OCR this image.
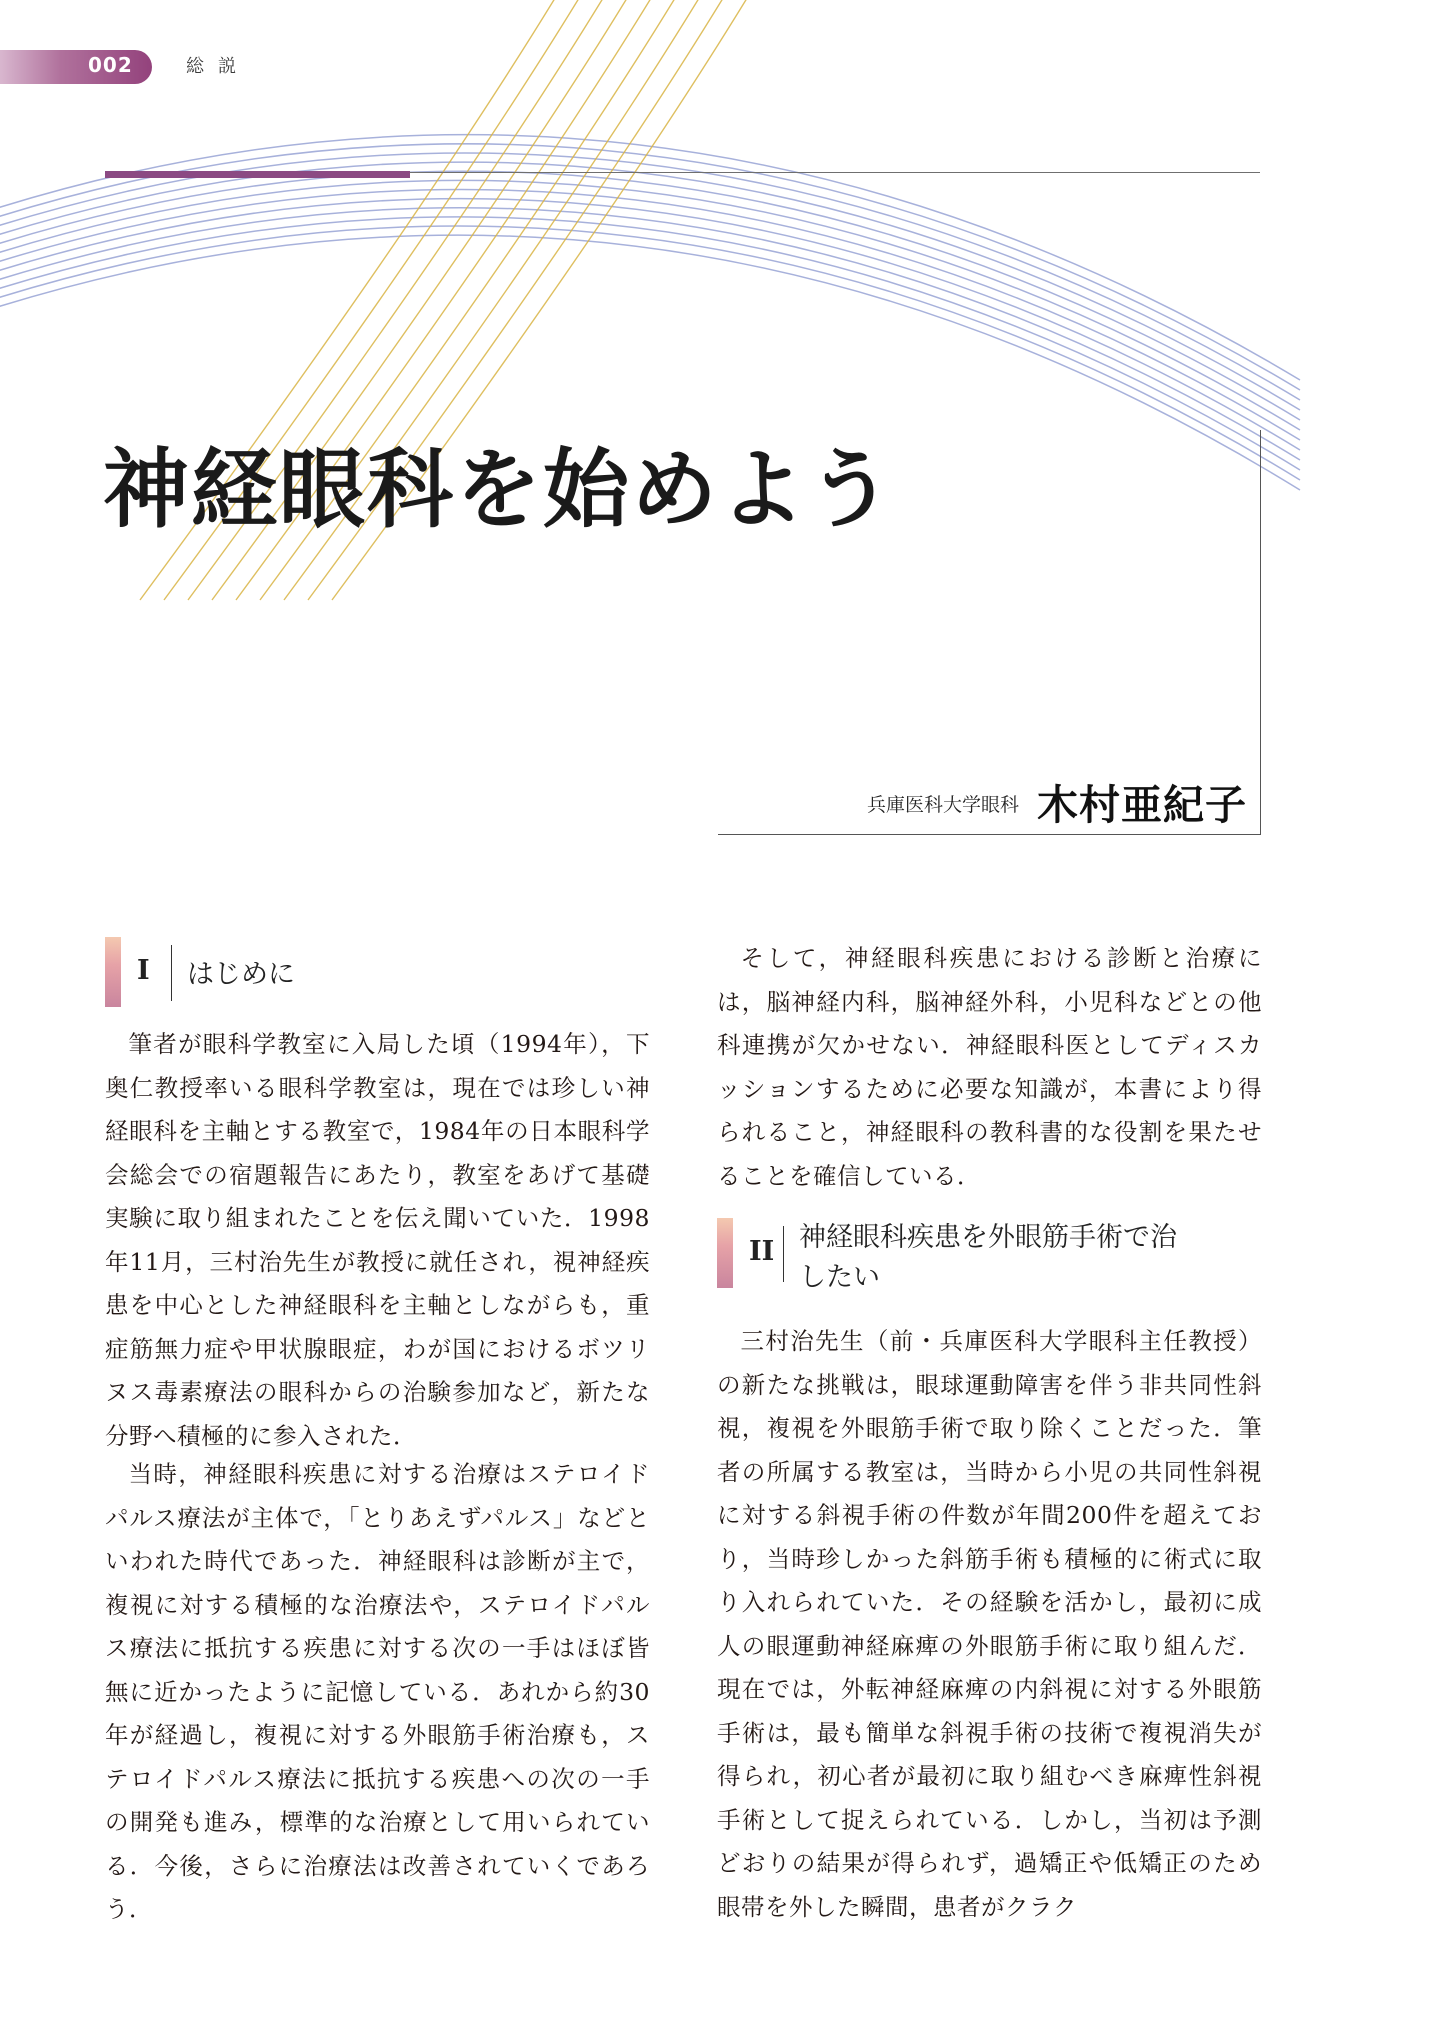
002	総説
神経眼科を始めよう
兵庫医科大学眼科 木村亜紀子
I はじめに

筆者が眼科学教室に入局した頃（1994年），下奥仁教授率いる眼科学教室は，現在では珍しい神経眼科を主軸とする教室で，1984年の日本眼科学会総会での宿題報告にあたり，教室をあげて基礎実験に取り組まれたことを伝え聞いていた．1998年11月，三村治先生が教授に就任され，視神経疾患を中心とした神経眼科を主軸としながらも，重症筋無力症や甲状腺眼症，わが国におけるボツリヌス毒素療法の眼科からの治験参加など，新たな分野へ積極的に参入された．

当時，神経眼科疾患に対する治療はステロイドパルス療法が主体で，「とりあえずパルス」などといわれた時代であった．神経眼科は診断が主で，複視に対する積極的な治療法や，ステロイドパルス療法に抵抗する疾患に対する次の一手はほぼ皆無に近かったように記憶している．あれから約30年が経過し，複視に対する外眼筋手術治療も，ステロイドパルス療法に抵抗する疾患への次の一手の開発も進み，標準的な治療として用いられている．今後，さらに治療法は改善されていくであろう．

そして，神経眼科疾患における診断と治療には，脳神経内科，脳神経外科，小児科などとの他科連携が欠かせない．神経眼科医としてディスカッションするために必要な知識が，本書により得られること，神経眼科の教科書的な役割を果たせることを確信している．

II 神経眼科疾患を外眼筋手術で治したい

三村治先生（前・兵庫医科大学眼科主任教授）の新たな挑戦は，眼球運動障害を伴う非共同性斜視，複視を外眼筋手術で取り除くことだった．筆者の所属する教室は，当時から小児の共同性斜視に対する斜視手術の件数が年間200件を超えており，当時珍しかった斜筋手術も積極的に術式に取り入れられていた．その経験を活かし，最初に成人の眼運動神経麻痺の外眼筋手術に取り組んだ．現在では，外転神経麻痺の内斜視に対する外眼筋手術は，最も簡単な斜視手術の技術で複視消失が得られ，初心者が最初に取り組むべき麻痺性斜視手術として捉えられている．しかし，当初は予測どおりの結果が得られず，過矯正や低矯正のため眼帯を外した瞬間，患者がクラク
